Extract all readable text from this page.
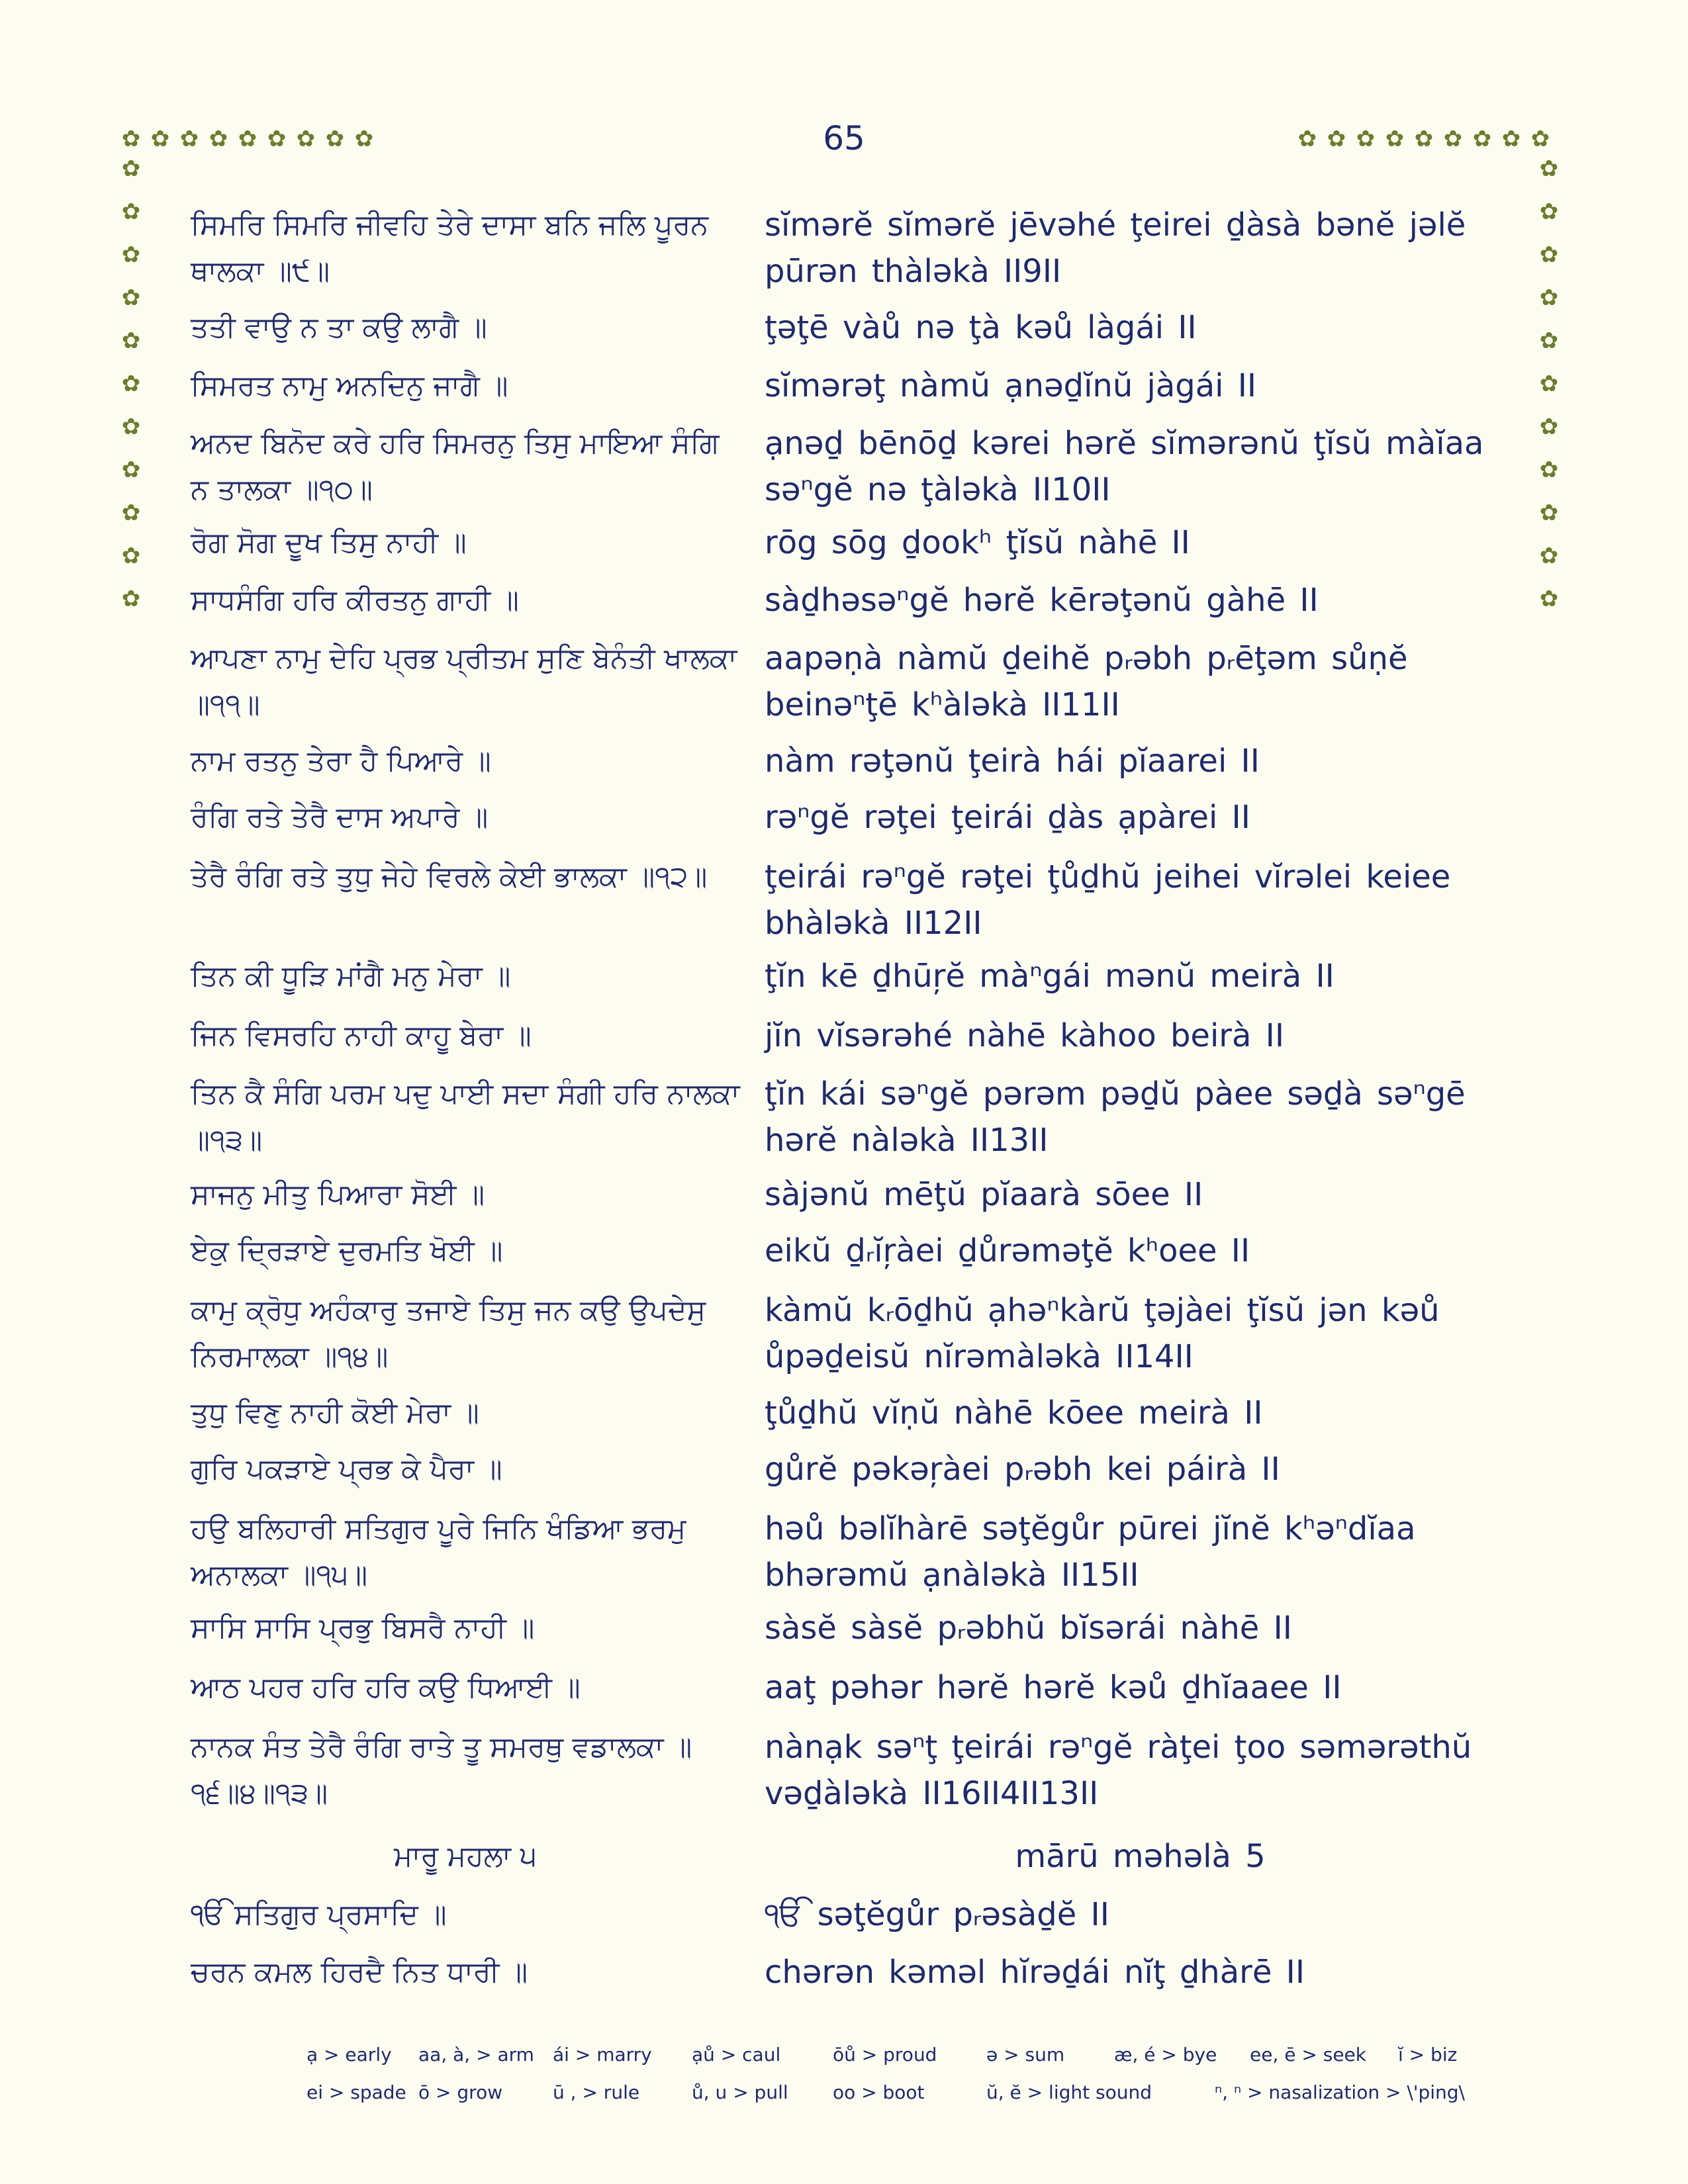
65
✿ ✿ ✿ ✿ ✿ ✿ ✿ ✿ ✿	✿ ✿ ✿ ✿ ✿ ✿ ✿ ✿ ✿
✿
✿
✿
✿
✿
✿
✿
✿
✿
✿
✿
✿
✿
✿
✿
✿
✿
✿
✿
✿
✿
✿
ਸਿਮਰਿ ਸਿਮਰਿ ਜੀਵਹਿ ਤੇਰੇ ਦਾਸਾ ਬਨਿ ਜਲਿ ਪੂਰਨ ਥਾਲਕਾ ॥੯॥
sĭmərĕ sĭmərĕ jēvəhé ţeirei ḏàsà bənĕ jəlĕ pūrən thàləkà II9II
ਤਤੀ ਵਾਉ ਨ ਤਾ ਕਉ ਲਾਗੈ ॥	ţəţē vàů nə ţà kəů làgái II
ਸਿਮਰਤ ਨਾਮੁ ਅਨਦਿਨੁ ਜਾਗੈ ॥	sĭmərəţ nàmŭ ạnəḏĭnŭ jàgái II
ਅਨਦ ਬਿਨੋਦ ਕਰੇ ਹਰਿ ਸਿਮਰਨੁ ਤਿਸੁ ਮਾਇਆ ਸੰਗਿ ਨ ਤਾਲਕਾ ॥੧੦॥
ạnəḏ bēnōḏ kərei hərĕ sĭmərənŭ ţĭsŭ màĭaa səⁿgĕ nə ţàləkà II10II
ਰੋਗ ਸੋਗ ਦੂਖ ਤਿਸੁ ਨਾਹੀ ॥	rōg sōg ḏookʰ ţĭsŭ nàhē II
ਸਾਧਸੰਗਿ ਹਰਿ ਕੀਰਤਨੁ ਗਾਹੀ ॥	sàḏhəsəⁿgĕ hərĕ kērəţənŭ gàhē II
ਆਪਣਾ ਨਾਮੁ ਦੇਹਿ ਪ੍ਰਭ ਪ੍ਰੀਤਮ ਸੁਣਿ ਬੇਨੰਤੀ ਖਾਲਕਾ ॥੧੧॥
aapəṇà nàmŭ ḏeihĕ pᵣəbh pᵣēţəm sůṇĕ beinəⁿţē kʰàləkà II11II
ਨਾਮ ਰਤਨੁ ਤੇਰਾ ਹੈ ਪਿਆਰੇ ॥	nàm rəţənŭ ţeirà hái pĭaarei II
ਰੰਗਿ ਰਤੇ ਤੇਰੈ ਦਾਸ ਅਪਾਰੇ ॥	rəⁿgĕ rəţei ţeirái ḏàs ạpàrei II
ਤੇਰੈ ਰੰਗਿ ਰਤੇ ਤੁਧੁ ਜੇਹੇ ਵਿਰਲੇ ਕੇਈ ਭਾਲਕਾ ॥੧੨॥	ţeirái rəⁿgĕ rəţei ţůḏhŭ jeihei vĭrəlei keiee bhàləkà II12II
ਤਿਨ ਕੀ ਧੂੜਿ ਮਾਂਗੈ ਮਨੁ ਮੇਰਾ ॥	ţĭn kē ḏhūŗĕ màⁿgái mənŭ meirà II
ਜਿਨ ਵਿਸਰਹਿ ਨਾਹੀ ਕਾਹੂ ਬੇਰਾ ॥	jĭn vĭsərəhé nàhē kàhoo beirà II
ਤਿਨ ਕੈ ਸੰਗਿ ਪਰਮ ਪਦੁ ਪਾਈ ਸਦਾ ਸੰਗੀ ਹਰਿ ਨਾਲਕਾ ॥੧੩॥
ţĭn kái səⁿgĕ pərəm pəḏŭ pàee səḏà səⁿgē hərĕ nàləkà II13II
ਸਾਜਨੁ ਮੀਤੁ ਪਿਆਰਾ ਸੋਈ ॥	sàjənŭ mēţŭ pĭaarà sōee II
ਏਕੁ ਦ੍ਰਿੜਾਏ ਦੁਰਮਤਿ ਖੋਈ ॥	eikŭ ḏᵣĭŗàei ḏůrəməţĕ kʰoee II
ਕਾਮੁ ਕ੍ਰੋਧੁ ਅਹੰਕਾਰੁ ਤਜਾਏ ਤਿਸੁ ਜਨ ਕਉ ਉਪਦੇਸੁ ਨਿਰਮਾਲਕਾ ॥੧੪॥
kàmŭ kᵣōḏhŭ ạhəⁿkàrŭ ţəjàei ţĭsŭ jən kəů ůpəḏeisŭ nĭrəmàləkà II14II
ਤੁਧੁ ਵਿਣੁ ਨਾਹੀ ਕੋਈ ਮੇਰਾ ॥	ţůḏhŭ vĭṇŭ nàhē kōee meirà II
ਗੁਰਿ ਪਕੜਾਏ ਪ੍ਰਭ ਕੇ ਪੈਰਾ ॥	gůrĕ pəkəŗàei pᵣəbh kei páirà II
ਹਉ ਬਲਿਹਾਰੀ ਸਤਿਗੁਰ ਪੂਰੇ ਜਿਨਿ ਖੰਡਿਆ ਭਰਮੁ ਅਨਾਲਕਾ ॥੧੫॥
həů bəlĭhàrē səţĕgůr pūrei jĭnĕ kʰəⁿdĭaa bhərəmŭ ạnàləkà II15II
ਸਾਸਿ ਸਾਸਿ ਪ੍ਰਭੁ ਬਿਸਰੈ ਨਾਹੀ ॥	sàsĕ sàsĕ pᵣəbhŭ bĭsərái nàhē II
ਆਠ ਪਹਰ ਹਰਿ ਹਰਿ ਕਉ ਧਿਆਈ ॥	aaţ pəhər hərĕ hərĕ kəů ḏhĭaaee II
ਨਾਨਕ ਸੰਤ ਤੇਰੈ ਰੰਗਿ ਰਾਤੇ ਤੂ ਸਮਰਥੁ ਵਡਾਲਕਾ ॥੧੬॥੪॥੧੩॥
nànạk səⁿţ ţeirái rəⁿgĕ ràţei ţoo səmərəthŭ vəḏàləkà II16II4II13II
ਮਾਰੂ ਮਹਲਾ ੫	mārū məhəlà 5
ੴ ਸਤਿਗੁਰ ਪ੍ਰਸਾਦਿ ॥	ੴ səţĕgůr pᵣəsàḏĕ II
ਚਰਨ ਕਮਲ ਹਿਰਦੈ ਨਿਤ ਧਾਰੀ ॥	chərən kəməl hĭrəḏái nĭţ ḏhàrē II
ạ > early aa, à, > arm ái > marry ạů > caul	ōů > proud	ə > sum	æ, é > bye ee, ē > seek ĭ > biz
ei > spade ō > grow	ū , > rule	ů, u > pull oo > boot	ŭ, ĕ > light sound	ⁿ, ⁿ > nasalization > \'ping\
